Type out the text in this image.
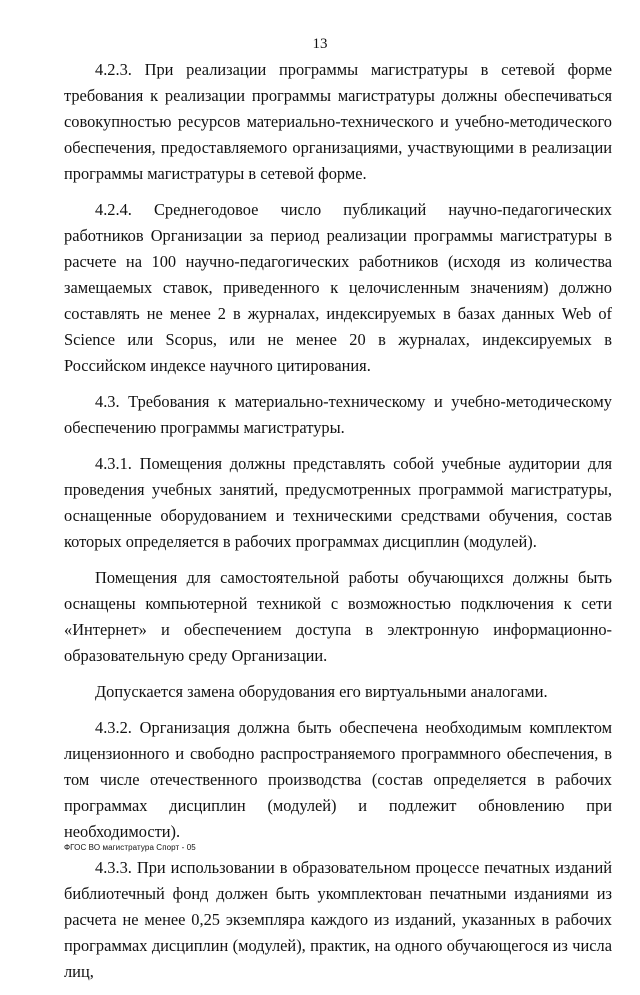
13

4.2.3. При реализации программы магистратуры в сетевой форме требования к реализации программы магистратуры должны обеспечиваться совокупностью ресурсов материально-технического и учебно-методического обеспечения, предоставляемого организациями, участвующими в реализации программы магистратуры в сетевой форме.

4.2.4. Среднегодовое число публикаций научно-педагогических работников Организации за период реализации программы магистратуры в расчете на 100 научно-педагогических работников (исходя из количества замещаемых ставок, приведенного к целочисленным значениям) должно составлять не менее 2 в журналах, индексируемых в базах данных Web of Science или Scopus, или не менее 20 в журналах, индексируемых в Российском индексе научного цитирования.

4.3. Требования к материально-техническому и учебно-методическому обеспечению программы магистратуры.

4.3.1. Помещения должны представлять собой учебные аудитории для проведения учебных занятий, предусмотренных программой магистратуры, оснащенные оборудованием и техническими средствами обучения, состав которых определяется в рабочих программах дисциплин (модулей).

Помещения для самостоятельной работы обучающихся должны быть оснащены компьютерной техникой с возможностью подключения к сети «Интернет» и обеспечением доступа в электронную информационно-образовательную среду Организации.

Допускается замена оборудования его виртуальными аналогами.

4.3.2. Организация должна быть обеспечена необходимым комплектом лицензионного и свободно распространяемого программного обеспечения, в том числе отечественного производства (состав определяется в рабочих программах дисциплин (модулей) и подлежит обновлению при необходимости).

4.3.3. При использовании в образовательном процессе печатных изданий библиотечный фонд должен быть укомплектован печатными изданиями из расчета не менее 0,25 экземпляра каждого из изданий, указанных в рабочих программах дисциплин (модулей), практик, на одного обучающегося из числа лиц,

ФГОС ВО магистратура Спорт - 05
